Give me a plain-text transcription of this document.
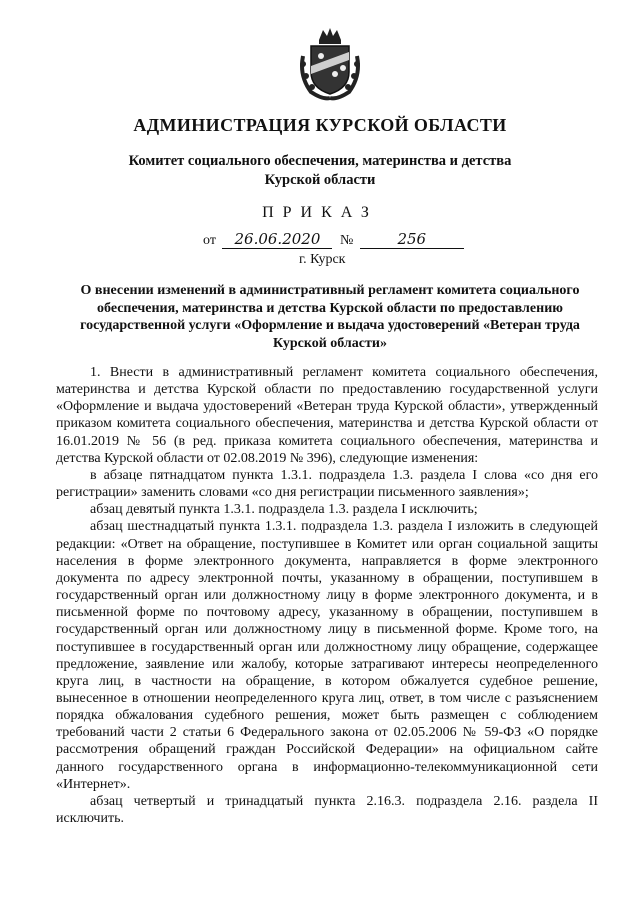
АДМИНИСТРАЦИЯ КУРСКОЙ ОБЛАСТИ
Комитет социального обеспечения, материнства и детства
Курской области
ПРИКАЗ
от 26.06.2020 №	256
г. Курск
О внесении изменений в административный регламент комитета социального
обеспечения, материнства и детства Курской области по предоставлению
государственной услуги «Оформление и выдача удостоверений «Ветеран труда
Курской области»

1. Внести в административный регламент комитета социального обеспечения, материнства и детства Курской области по предоставлению государственной услуги «Оформление и выдача удостоверений «Ветеран труда Курской области», утвержденный приказом комитета социального обеспечения, материнства и детства Курской области от 16.01.2019 № 56 (в ред. приказа комитета социального обеспечения, материнства и детства Курской области от 02.08.2019 № 396), следующие изменения:

в абзаце пятнадцатом пункта 1.3.1. подраздела 1.3. раздела I слова «со дня его регистрации» заменить словами «со дня регистрации письменного заявления»;

абзац девятый пункта 1.3.1. подраздела 1.3. раздела I исключить;

абзац шестнадцатый пункта 1.3.1. подраздела 1.3. раздела I изложить в следующей редакции: «Ответ на обращение, поступившее в Комитет или орган социальной защиты населения в форме электронного документа, направляется в форме электронного документа по адресу электронной почты, указанному в обращении, поступившем в государственный орган или должностному лицу в форме электронного документа, и в письменной форме по почтовому адресу, указанному в обращении, поступившем в государственный орган или должностному лицу в письменной форме. Кроме того, на поступившее в государственный орган или должностному лицу обращение, содержащее предложение, заявление или жалобу, которые затрагивают интересы неопределенного круга лиц, в частности на обращение, в котором обжалуется судебное решение, вынесенное в отношении неопределенного круга лиц, ответ, в том числе с разъяснением порядка обжалования судебного решения, может быть размещен с соблюдением требований части 2 статьи 6 Федерального закона от 02.05.2006 № 59-ФЗ «О порядке рассмотрения обращений граждан Российской Федерации» на официальном сайте данного государственного органа в информационно-телекоммуникационной сети «Интернет».

абзац четвертый и тринадцатый пункта 2.16.3. подраздела 2.16. раздела II исключить.
